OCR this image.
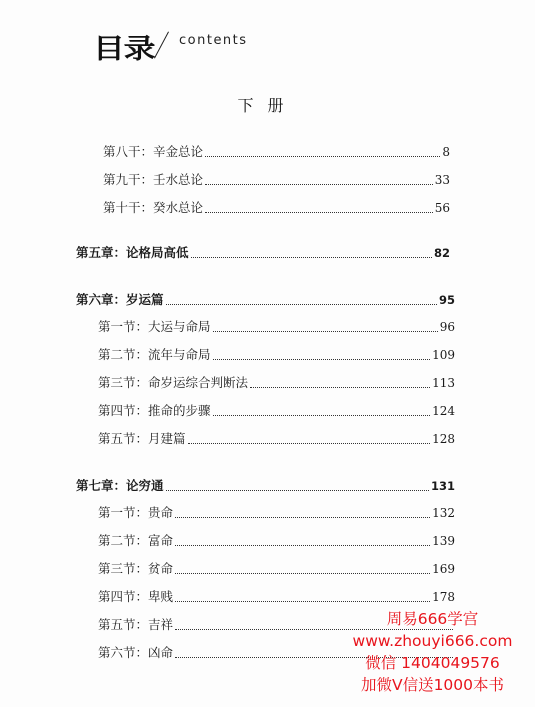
目录 contents
下册
第八干：辛金总论	8
第九干：壬水总论	33
第十干：癸水总论	56
第五章：论格局高低	82
第六章：岁运篇	95
第一节：大运与命局	96
第二节：流年与命局	109
第三节：命岁运综合判断法	113
第四节：推命的步骤	124
第五节：月建篇	128
第七章：论穷通	131
第一节：贵命	132
第二节：富命	139
第三节：贫命	169
第四节：卑贱	178
第五节：吉祥
第六节：凶命
周易666学宫
www.zhouyi666.com
微信 1404049576
加微V信送1000本书
